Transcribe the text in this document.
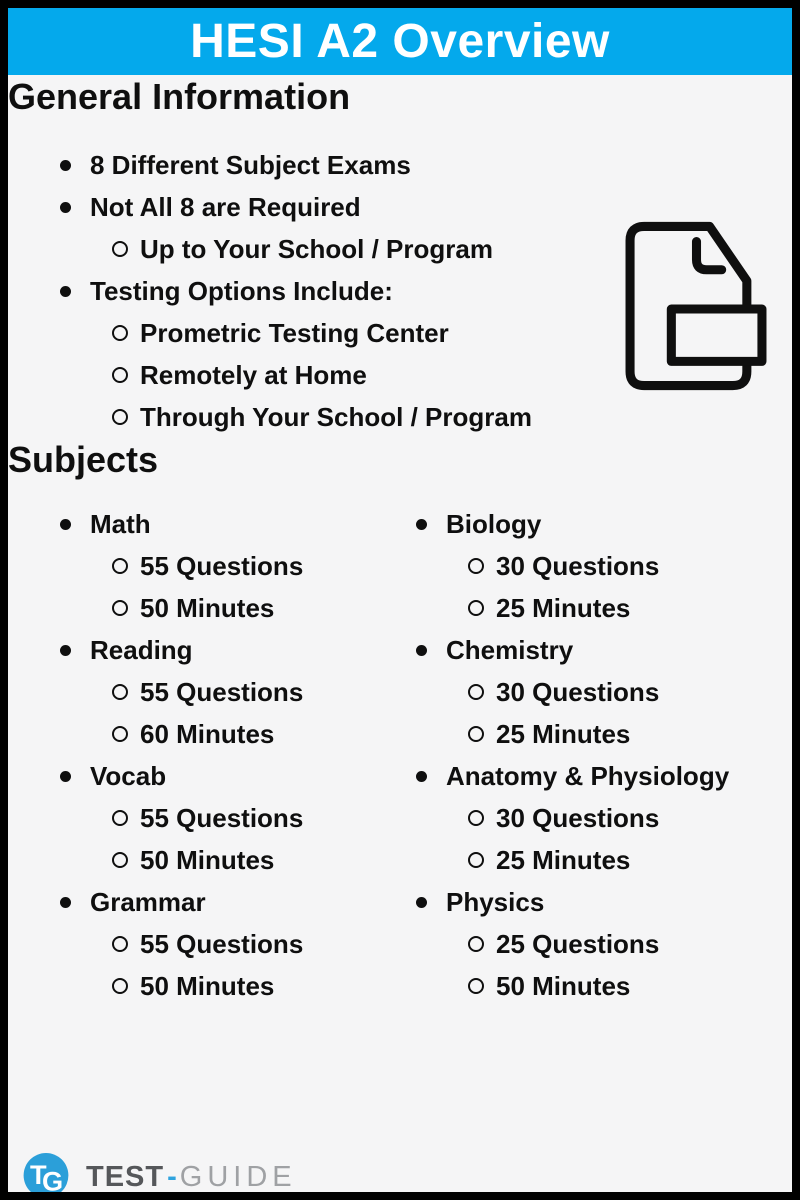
HESI A2 Overview
General Information
8 Different Subject Exams
Not All 8 are Required
Up to Your School / Program
Testing Options Include:
Prometric Testing Center
Remotely at Home
Through Your School / Program
Subjects
Math
55 Questions
50 Minutes
Reading
55 Questions
60 Minutes
Vocab
55 Questions
50 Minutes
Grammar
55 Questions
50 Minutes
Biology
30 Questions
25 Minutes
Chemistry
30 Questions
25 Minutes
Anatomy & Physiology
30 Questions
25 Minutes
Physics
25 Questions
50 Minutes
T
G TEST - GUIDE
